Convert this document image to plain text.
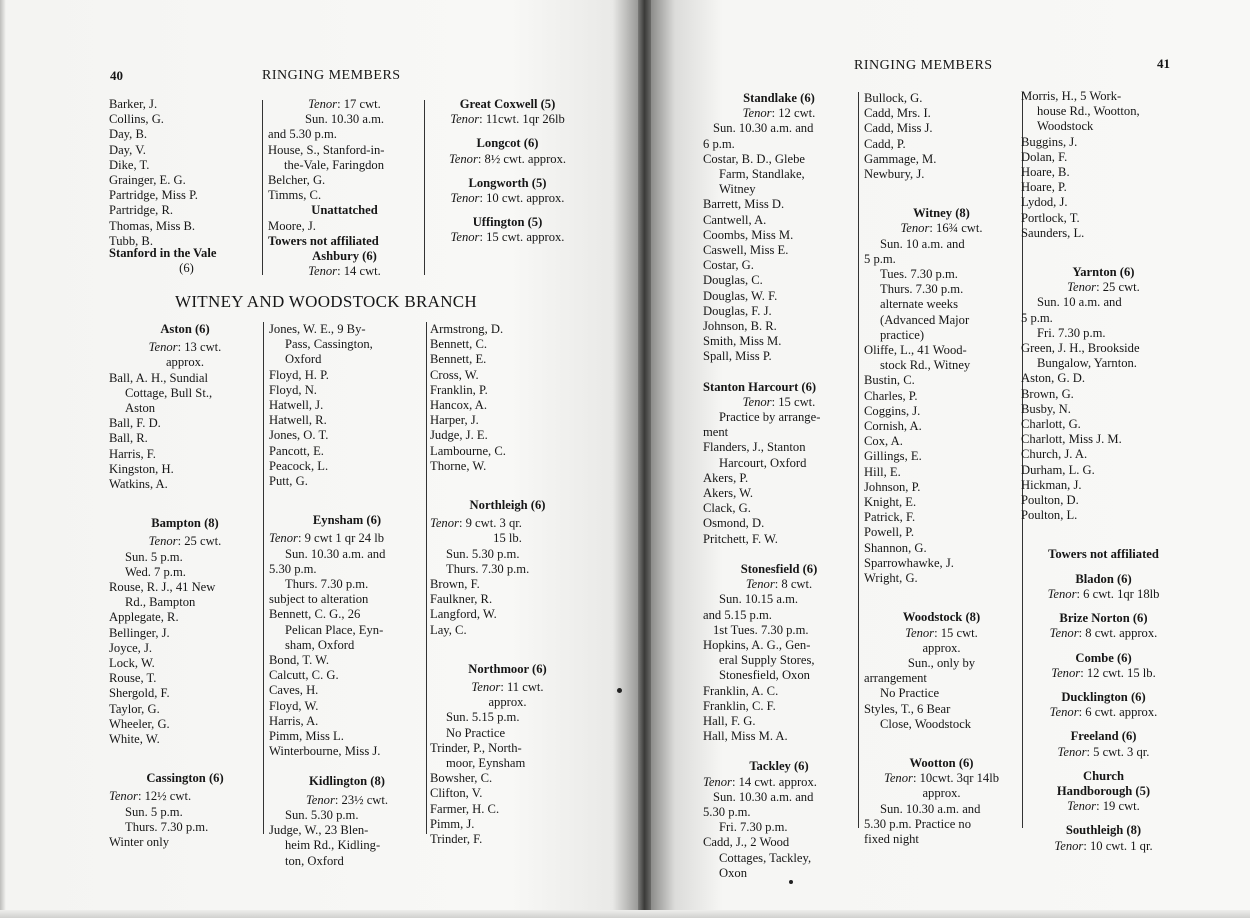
40	RINGING MEMBERS
Barker, J.
Collins, G.
Day, B.
Day, V.
Dike, T.
Grainger, E. G.
Partridge, Miss P.
Partridge, R.
Thomas, Miss B.
Tubb, B.
Stanford in the Vale
(6)
Tenor: 17 cwt.
Sun. 10.30 a.m.
and 5.30 p.m.
House, S., Stanford-in-
the-Vale, Faringdon
Belcher, G.
Timms, C.
Unattatched
Moore, J.
Towers not affiliated
Ashbury (6)
Tenor: 14 cwt.
Great Coxwell (5)
Tenor: 11cwt. 1qr 26lb
Longcot (6)
Tenor: 8½ cwt. approx.
Longworth (5)
Tenor: 10 cwt. approx.
Uffington (5)
Tenor: 15 cwt. approx.
WITNEY AND WOODSTOCK BRANCH
Aston (6)
Tenor: 13 cwt.
approx.
Ball, A. H., Sundial
Cottage, Bull St.,
Aston
Ball, F. D.
Ball, R.
Harris, F.
Kingston, H.
Watkins, A.
Bampton (8)
Tenor: 25 cwt.
Sun. 5 p.m.
Wed. 7 p.m.
Rouse, R. J., 41 New
Rd., Bampton
Applegate, R.
Bellinger, J.
Joyce, J.
Lock, W.
Rouse, T.
Shergold, F.
Taylor, G.
Wheeler, G.
White, W.
Cassington (6)
Tenor: 12½ cwt.
Sun. 5 p.m.
Thurs. 7.30 p.m.
Winter only
Jones, W. E., 9 By-
Pass, Cassington,
Oxford
Floyd, H. P.
Floyd, N.
Hatwell, J.
Hatwell, R.
Jones, O. T.
Pancott, E.
Peacock, L.
Putt, G.
Eynsham (6)
Tenor: 9 cwt 1 qr 24 lb
Sun. 10.30 a.m. and
5.30 p.m.
Thurs. 7.30 p.m.
subject to alteration
Bennett, C. G., 26
Pelican Place, Eyn-
sham, Oxford
Bond, T. W.
Calcutt, C. G.
Caves, H.
Floyd, W.
Harris, A.
Pimm, Miss L.
Winterbourne, Miss J.
Kidlington (8)
Tenor: 23½ cwt.
Sun. 5.30 p.m.
Judge, W., 23 Blen-
heim Rd., Kidling-
ton, Oxford
Armstrong, D.
Bennett, C.
Bennett, E.
Cross, W.
Franklin, P.
Hancox, A.
Harper, J.
Judge, J. E.
Lambourne, C.
Thorne, W.
Northleigh (6)
Tenor: 9 cwt. 3 qr.
15 lb.
Sun. 5.30 p.m.
Thurs. 7.30 p.m.
Brown, F.
Faulkner, R.
Langford, W.
Lay, C.
Northmoor (6)
Tenor: 11 cwt.
approx.
Sun. 5.15 p.m.
No Practice
Trinder, P., North-
moor, Eynsham
Bowsher, C.
Clifton, V.
Farmer, H. C.
Pimm, J.
Trinder, F.
RINGING MEMBERS	41
Standlake (6)
Tenor: 12 cwt.
Sun. 10.30 a.m. and
6 p.m.
Costar, B. D., Glebe
Farm, Standlake,
Witney
Barrett, Miss D.
Cantwell, A.
Coombs, Miss M.
Caswell, Miss E.
Costar, G.
Douglas, C.
Douglas, W. F.
Douglas, F. J.
Johnson, B. R.
Smith, Miss M.
Spall, Miss P.
Stanton Harcourt (6)
Tenor: 15 cwt.
Practice by arrange-
ment
Flanders, J., Stanton
Harcourt, Oxford
Akers, P.
Akers, W.
Clack, G.
Osmond, D.
Pritchett, F. W.
Stonesfield (6)
Tenor: 8 cwt.
Sun. 10.15 a.m.
and 5.15 p.m.
1st Tues. 7.30 p.m.
Hopkins, A. G., Gen-
eral Supply Stores,
Stonesfield, Oxon
Franklin, A. C.
Franklin, C. F.
Hall, F. G.
Hall, Miss M. A.
Tackley (6)
Tenor: 14 cwt. approx.
Sun. 10.30 a.m. and
5.30 p.m.
Fri. 7.30 p.m.
Cadd, J., 2 Wood
Cottages, Tackley,
Oxon
Bullock, G.
Cadd, Mrs. I.
Cadd, Miss J.
Cadd, P.
Gammage, M.
Newbury, J.
Witney (8)
Tenor: 16¾ cwt.
Sun. 10 a.m. and
5 p.m.
Tues. 7.30 p.m.
Thurs. 7.30 p.m.
alternate weeks
(Advanced Major
practice)
Oliffe, L., 41 Wood-
stock Rd., Witney
Bustin, C.
Charles, P.
Coggins, J.
Cornish, A.
Cox, A.
Gillings, E.
Hill, E.
Johnson, P.
Knight, E.
Patrick, F.
Powell, P.
Shannon, G.
Sparrowhawke, J.
Wright, G.
Woodstock (8)
Tenor: 15 cwt.
approx.
Sun., only by
arrangement
No Practice
Styles, T., 6 Bear
Close, Woodstock
Wootton (6)
Tenor: 10cwt. 3qr 14lb
approx.
Sun. 10.30 a.m. and
5.30 p.m. Practice no
fixed night
Morris, H., 5 Work-
house Rd., Wootton,
Woodstock
Buggins, J.
Dolan, F.
Hoare, B.
Hoare, P.
Lydod, J.
Portlock, T.
Saunders, L.
Yarnton (6)
Tenor: 25 cwt.
Sun. 10 a.m. and
5 p.m.
Fri. 7.30 p.m.
Green, J. H., Brookside
Bungalow, Yarnton.
Aston, G. D.
Brown, G.
Busby, N.
Charlott, G.
Charlott, Miss J. M.
Church, J. A.
Durham, L. G.
Hickman, J.
Poulton, D.
Poulton, L.
Towers not affiliated
Bladon (6)
Tenor: 6 cwt. 1qr 18lb
Brize Norton (6)
Tenor: 8 cwt. approx.
Combe (6)
Tenor: 12 cwt. 15 lb.
Ducklington (6)
Tenor: 6 cwt. approx.
Freeland (6)
Tenor: 5 cwt. 3 qr.
Church
Handborough (5)
Tenor: 19 cwt.
Southleigh (8)
Tenor: 10 cwt. 1 qr.
